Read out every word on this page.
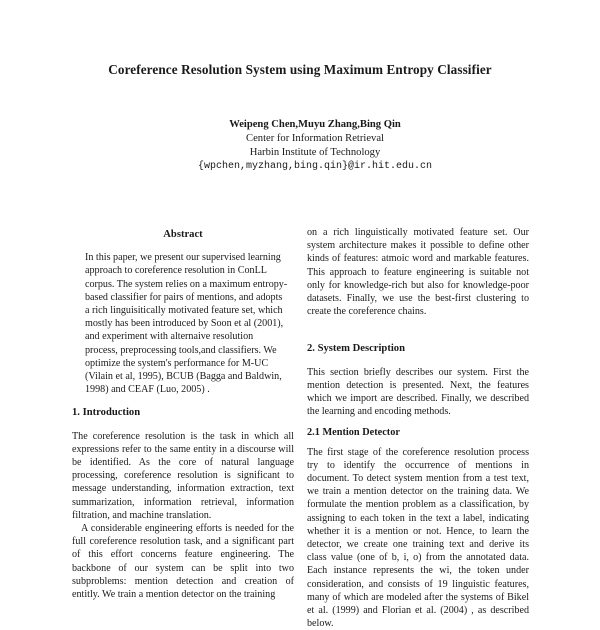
Coreference Resolution System using Maximum Entropy Classifier
Weipeng Chen,Muyu Zhang,Bing Qin
Center for Information Retrieval
Harbin Institute of Technology
{wpchen,myzhang,bing.qin}@ir.hit.edu.cn
Abstract

In this paper, we present our supervised learning approach to coreference resolution in ConLL corpus. The system relies on a maximum entropy-based classifier for pairs of mentions, and adopts a rich linguisitically motivated feature set, which mostly has been introduced by Soon et al (2001), and experiment with alternaive resolution process, preprocessing tools,and classifiers. We optimize the system's performance for M-UC (Vilain et al, 1995), BCUB (Bagga and Baldwin, 1998) and CEAF (Luo, 2005) .

1. Introduction

The coreference resolution is the task in which all expressions refer to the same entity in a discourse will be identified. As the core of natural language processing, coreference resolution is significant to message understanding, information extraction, text summarization, information retrieval, information filtration, and machine translation.

A considerable engineering efforts is needed for the full coreference resolution task, and a significant part of this effort concerns feature engineering. The backbone of our system can be split into two subproblems: mention detection and creation of entitly. We train a mention detector on the training

on a rich linguistically motivated feature set. Our system architecture makes it possible to define other kinds of features: atmoic word and markable features. This approach to feature engineering is suitable not only for knowledge-rich but also for knowledge-poor datasets. Finally, we use the best-first clustering to create the coreference chains.

2. System Description

This section briefly describes our system. First the mention detection is presented. Next, the features which we import are described. Finally, we described the learning and encoding methods.

2.1 Mention Detector

The first stage of the coreference resolution process try to identify the occurrence of mentions in document. To detect system mention from a test text, we train a mention detector on the training data. We formulate the mention problem as a classification, by assigning to each token in the text a label, indicating whether it is a mention or not. Hence, to learn the detector, we create one training text and derive its class value (one of b, i, o) from the annotated data. Each instance represents the wi, the token under consideration, and consists of 19 linguistic features, many of which are modeled after the systems of Bikel et al. (1999) and Florian et al. (2004) , as described below.
